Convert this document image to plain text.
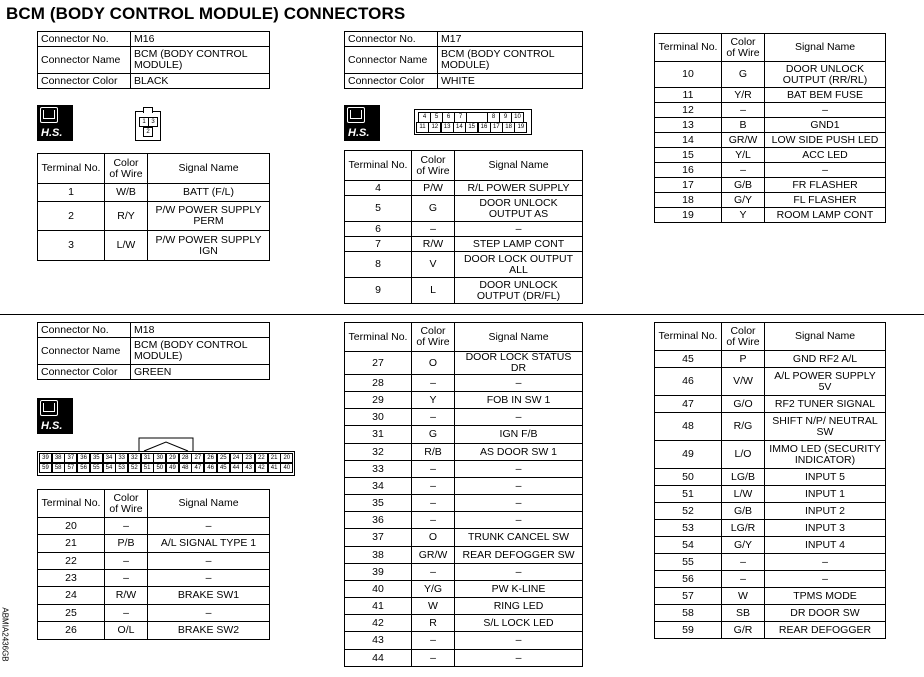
BCM (BODY CONTROL MODULE) CONNECTORS
Connector No.	M16
Connector Name	BCM (BODY CONTROL MODULE)
Connector Color	BLACK
Connector No.	M17
Connector Name	BCM (BODY CONTROL MODULE)
Connector Color	WHITE
Connector No.	M18
Connector Name	BCM (BODY CONTROL MODULE)
Connector Color	GREEN
H.S.	H.S.
H.S.
1 3
2
4	5	6	7	8	9	10
11 12 13 14 15 16 17 18 19
39	38	37	36	35	34	33	32	31	30	29	28	27	26	25	24	23	22	21	20
59	58	57	56	55	54	53	52	51	50	49	48	47	46	45	44	43	42	41	40
Terminal No.	Color of Wire	Signal Name
1	W/B	BATT (F/L)
2	R/Y	P/W POWER SUPPLY PERM
3	L/W	P/W POWER SUPPLY IGN
Terminal No.	Color of Wire	Signal Name
4	P/W	R/L POWER SUPPLY
5	G	DOOR UNLOCK OUTPUT AS
6	–	–
7	R/W	STEP LAMP CONT
8	V	DOOR LOCK OUTPUT ALL
9	L	DOOR UNLOCK OUTPUT (DR/FL)
Terminal No.	Color of Wire	Signal Name
10	G	DOOR UNLOCK OUTPUT (RR/RL)
11	Y/R	BAT BEM FUSE
12	–	–
13	B	GND1
14	GR/W	LOW SIDE PUSH LED
15	Y/L	ACC LED
16	–	–
17	G/B	FR FLASHER
18	G/Y	FL FLASHER
19	Y	ROOM LAMP CONT
Terminal No.	Color of Wire	Signal Name
20	–	–
21	P/B	A/L SIGNAL TYPE 1
22	–	–
23	–	–
24	R/W	BRAKE SW1
25	–	–
26	O/L	BRAKE SW2
Terminal No.	Color of Wire	Signal Name
27	O	DOOR LOCK STATUS DR
28	–	–
29	Y	FOB IN SW 1
30	–	–
31	G	IGN F/B
32	R/B	AS DOOR SW 1
33	–	–
34	–	–
35	–	–
36	–	–
37	O	TRUNK CANCEL SW
38	GR/W	REAR DEFOGGER SW
39	–	–
40	Y/G	PW K-LINE
41	W	RING LED
42	R	S/L LOCK LED
43	–	–
44	–	–
Terminal No.	Color of Wire	Signal Name
45	P	GND RF2 A/L
46	V/W	A/L POWER SUPPLY 5V
47	G/O	RF2 TUNER SIGNAL
48	R/G	SHIFT N/P/ NEUTRAL SW
49	L/O	IMMO LED (SECURITY INDICATOR)
50	LG/B	INPUT 5
51	L/W	INPUT 1
52	G/B	INPUT 2
53	LG/R	INPUT 3
54	G/Y	INPUT 4
55	–	–
56	–	–
57	W	TPMS MODE
58	SB	DR DOOR SW
59	G/R	REAR DEFOGGER
ABMIA2436GB
